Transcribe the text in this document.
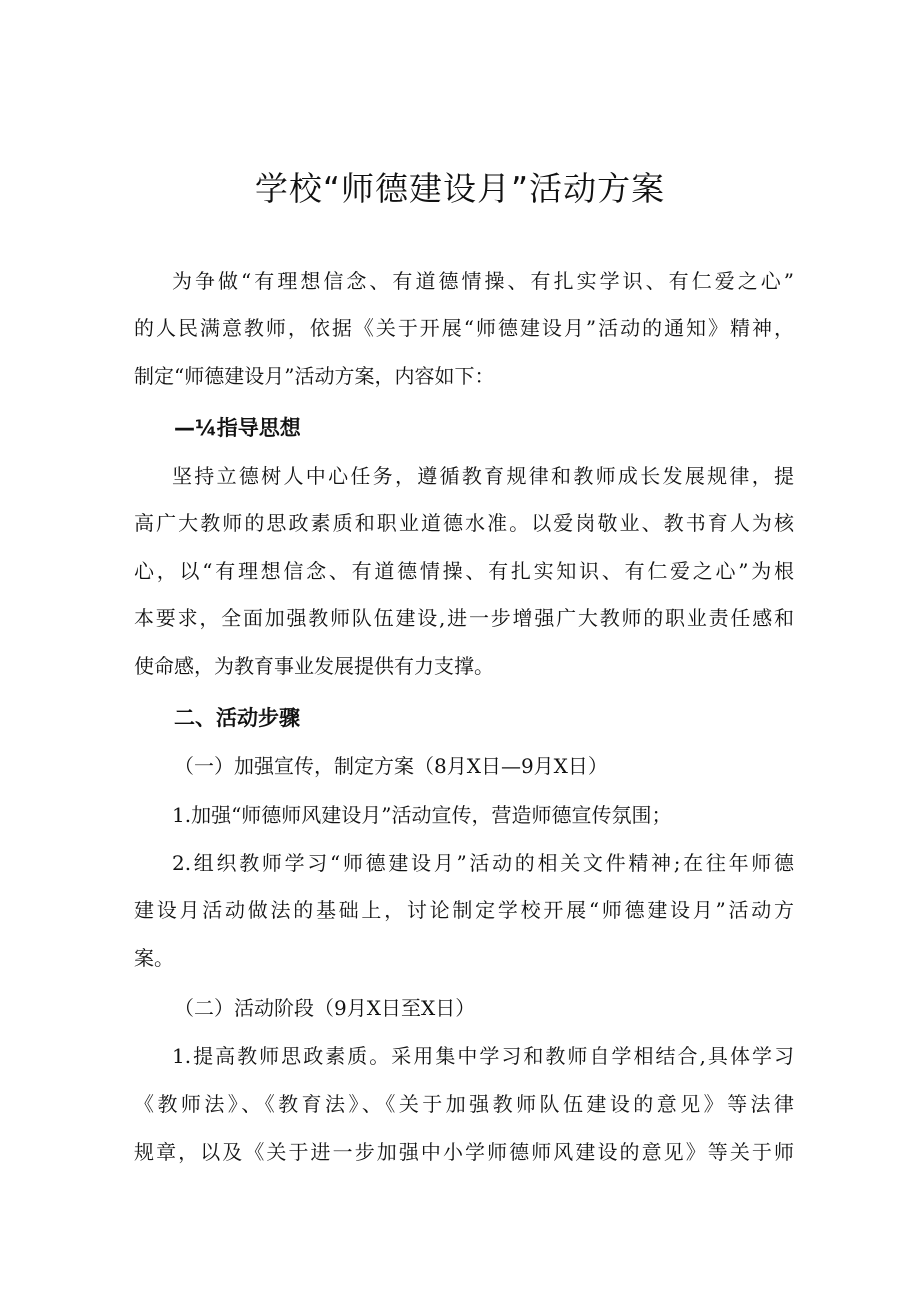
学校“师德建设月”活动方案

为争做“有理想信念、有道德情操、有扎实学识、有仁爱之心”

的人民满意教师，依据《关于开展“师德建设月”活动的通知》精神，

制定“师德建设月”活动方案，内容如下：

—¼指导思想

坚持立德树人中心任务，遵循教育规律和教师成长发展规律，提

高广大教师的思政素质和职业道德水准。以爱岗敬业、教书育人为核

心，以“有理想信念、有道德情操、有扎实知识、有仁爱之心”为根

本要求，全面加强教师队伍建设,进一步增强广大教师的职业责任感和

使命感，为教育事业发展提供有力支撑。

二、活动步骤

（一）加强宣传，制定方案（8月X日—9月X日）

1.加强“师德师风建设月”活动宣传，营造师德宣传氛围；

2.组织教师学习“师德建设月”活动的相关文件精神;在往年师德

建设月活动做法的基础上，讨论制定学校开展“师德建设月”活动方

案。

（二）活动阶段（9月X日至X日）

1.提高教师思政素质。采用集中学习和教师自学相结合,具体学习

《教师法》、《教育法》、《关于加强教师队伍建设的意见》等法律

规章，以及《关于进一步加强中小学师德师风建设的意见》等关于师
